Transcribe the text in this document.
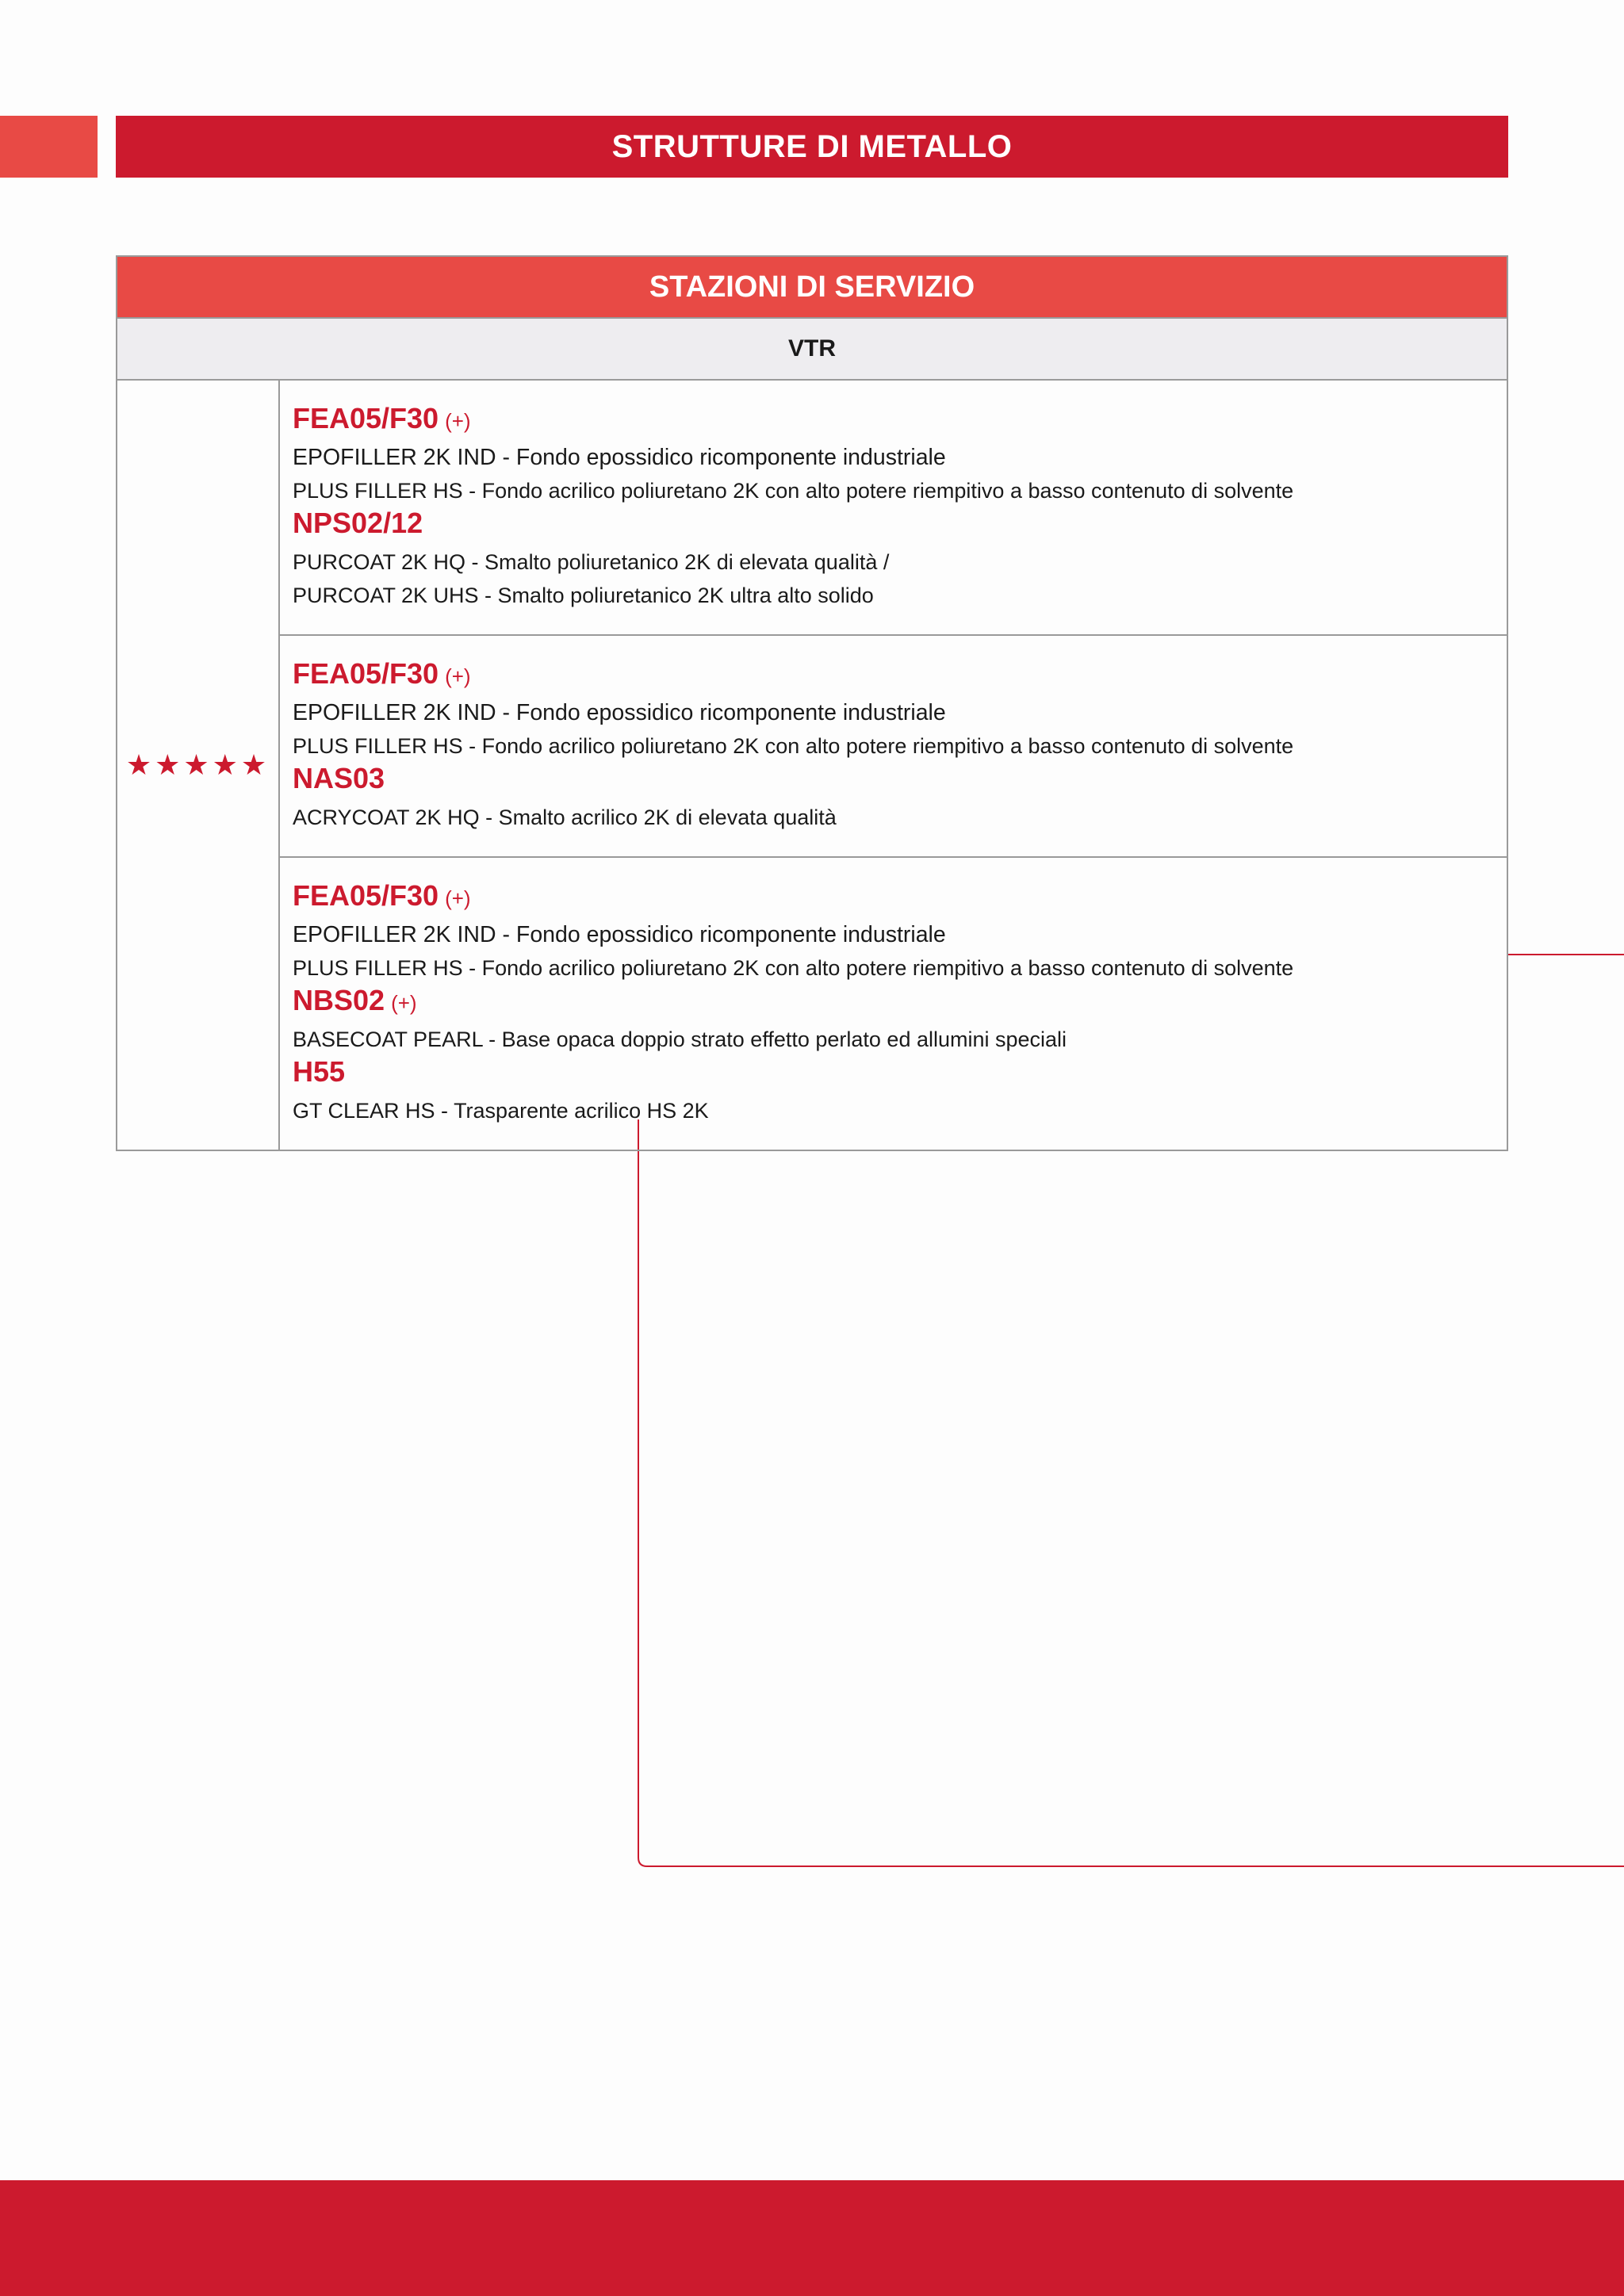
STRUTTURE DI METALLO
STAZIONI DI SERVIZIO
VTR
★★★★★
FEA05/F30 (+)
EPOFILLER 2K IND - Fondo epossidico ricomponente industriale
PLUS FILLER HS - Fondo acrilico poliuretano 2K con alto potere riempitivo a basso contenuto di solvente
NPS02/12
PURCOAT 2K HQ - Smalto poliuretanico 2K di elevata qualità /
PURCOAT 2K UHS - Smalto poliuretanico 2K ultra alto solido
FEA05/F30 (+)
EPOFILLER 2K IND - Fondo epossidico ricomponente industriale
PLUS FILLER HS - Fondo acrilico poliuretano 2K con alto potere riempitivo a basso contenuto di solvente
NAS03
ACRYCOAT 2K HQ - Smalto acrilico 2K di elevata qualità
FEA05/F30 (+)
EPOFILLER 2K IND - Fondo epossidico ricomponente industriale
PLUS FILLER HS - Fondo acrilico poliuretano 2K con alto potere riempitivo a basso contenuto di solvente
NBS02 (+)
BASECOAT PEARL - Base opaca doppio strato effetto perlato ed allumini speciali
H55
GT CLEAR HS - Trasparente acrilico HS 2K
